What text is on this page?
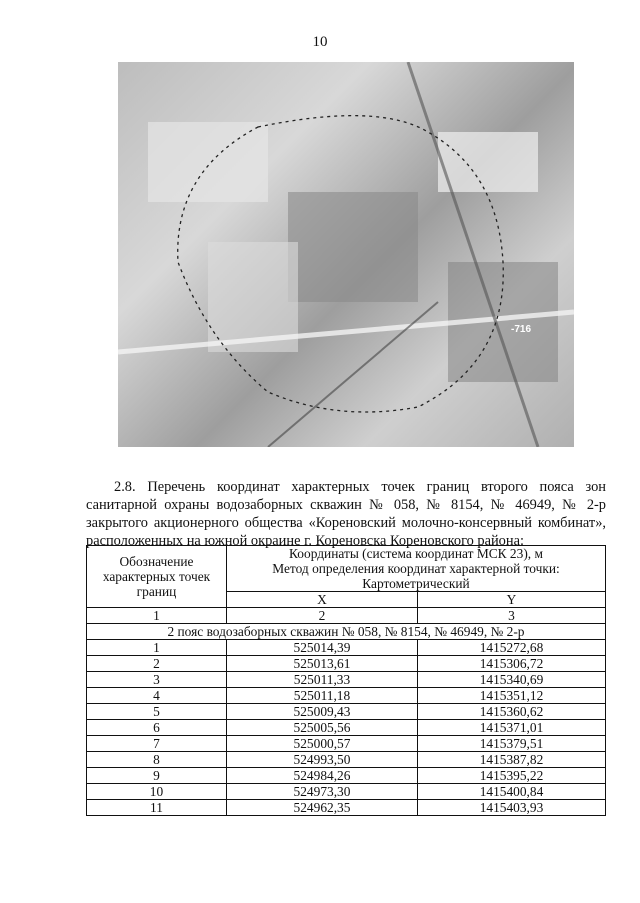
10
-716

2.8. Перечень координат характерных точек границ второго пояса зон санитарной охраны водозаборных скважин № 058, № 8154, № 46949, № 2-р закрытого акционерного общества «Кореновский молочно-консервный комбинат», расположенных на южной окраине г. Кореновска Кореновского района:

Обозначение характерных точек границ	Координаты (система координат МСК 23), м
Метод определения координат характерной точки:
Картометрический	

	X	Y
1	2	3
2 пояс водозаборных скважин № 058, № 8154, № 46949, № 2-р		
1	525014,39	1415272,68
2	525013,61	1415306,72
3	525011,33	1415340,69
4	525011,18	1415351,12
5	525009,43	1415360,62
6	525005,56	1415371,01
7	525000,57	1415379,51
8	524993,50	1415387,82
9	524984,26	1415395,22
10	524973,30	1415400,84
11	524962,35	1415403,93
